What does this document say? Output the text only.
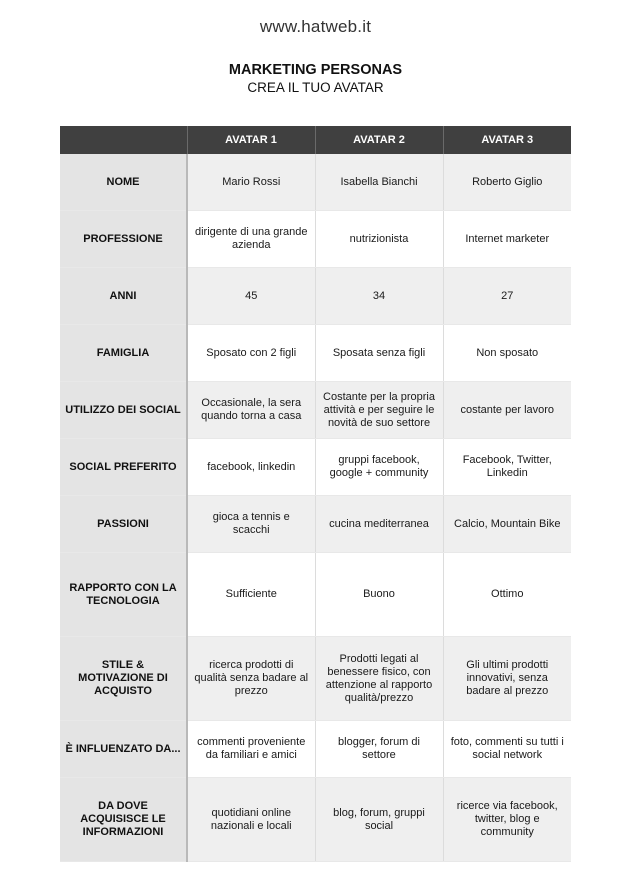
www.hatweb.it
MARKETING PERSONAS
CREA IL TUO AVATAR
	AVATAR 1	AVATAR 2	AVATAR 3
NOME	Mario Rossi	Isabella Bianchi	Roberto Giglio
PROFESSIONE	dirigente di una grande azienda	nutrizionista	Internet marketer
ANNI	45	34	27
FAMIGLIA	Sposato con 2 figli	Sposata senza figli	Non sposato
UTILIZZO DEI SOCIAL	Occasionale, la sera quando torna a casa	Costante per la propria attività e per seguire le novità de suo settore	costante per lavoro
SOCIAL PREFERITO	facebook, linkedin	gruppi facebook, google + community	Facebook, Twitter, Linkedin
PASSIONI	gioca a tennis e scacchi	cucina mediterranea	Calcio, Mountain Bike
RAPPORTO CON LA TECNOLOGIA	Sufficiente	Buono	Ottimo
STILE & MOTIVAZIONE DI ACQUISTO	ricerca prodotti di qualità senza badare al prezzo	Prodotti legati al benessere fisico, con attenzione al rapporto qualità/prezzo	Gli ultimi prodotti innovativi, senza badare al prezzo
È INFLUENZATO DA...	commenti proveniente da familiari e amici	blogger, forum di settore	foto, commenti su tutti i social network
DA DOVE ACQUISISCE LE INFORMAZIONI	quotidiani online nazionali e locali	blog, forum, gruppi social	ricerce via facebook, twitter, blog e community
